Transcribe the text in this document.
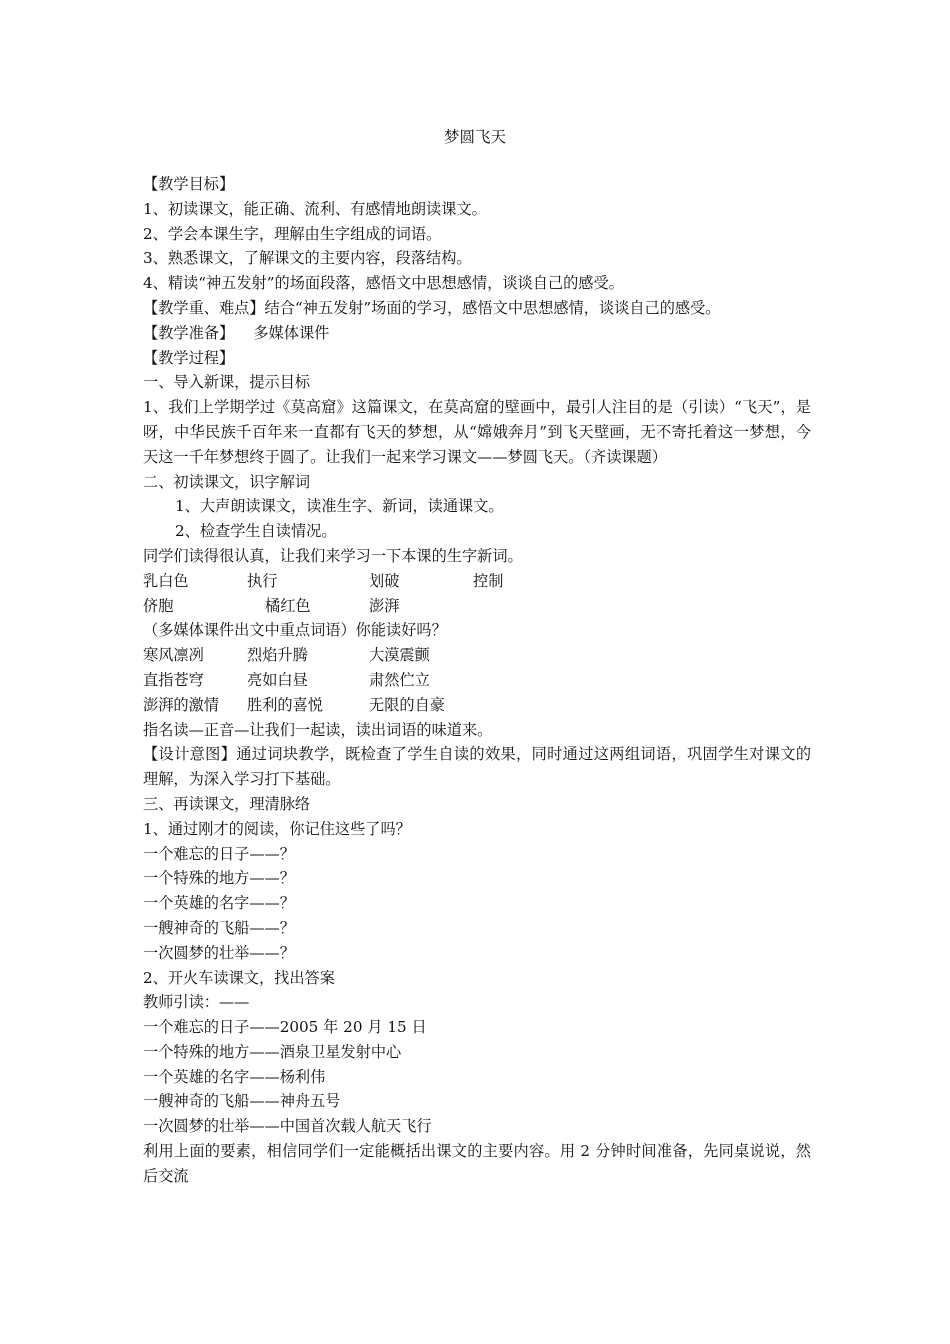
梦圆飞天

【教学目标】

1、初读课文，能正确、流利、有感情地朗读课文。

2、学会本课生字，理解由生字组成的词语。

3、熟悉课文，了解课文的主要内容，段落结构。

4、精读“神五发射”的场面段落，感悟文中思想感情，谈谈自己的感受。

【教学重、难点】结合“神五发射”场面的学习，感悟文中思想感情，谈谈自己的感受。

【教学准备】    多媒体课件

【教学过程】

一、导入新课，提示目标

1、我们上学期学过《莫高窟》这篇课文，在莫高窟的壁画中，最引人注目的是（引读）“飞天”，是呀，中华民族千百年来一直都有飞天的梦想，从“嫦娥奔月”到飞天壁画，无不寄托着这一梦想，今天这一千年梦想终于圆了。让我们一起来学习课文——梦圆飞天。（齐读课题）

二、初读课文，识字解词

1、大声朗读课文，读准生字、新词，读通课文。

2、检查学生自读情况。

同学们读得很认真，让我们来学习一下本课的生字新词。

乳白色	执行	划破	控制
侪胞	橘红色	澎湃

（多媒体课件出文中重点词语）你能读好吗？

寒风凛冽	烈焰升腾	大漠震颤
直指苍穹	亮如白昼	肃然伫立
澎湃的激情	胜利的喜悦	无限的自豪

指名读—正音—让我们一起读，读出词语的味道来。

【设计意图】通过词块教学，既检查了学生自读的效果，同时通过这两组词语，巩固学生对课文的理解，为深入学习打下基础。

三、再读课文，理清脉络

1、通过刚才的阅读，你记住这些了吗？

一个难忘的日子——？

一个特殊的地方——？

一个英雄的名字——？

一艘神奇的飞船——？

一次圆梦的壮举——？

2、开火车读课文，找出答案

教师引读：——

一个难忘的日子——2005 年 20 月 15 日

一个特殊的地方——酒泉卫星发射中心

一个英雄的名字——杨利伟

一艘神奇的飞船——神舟五号

一次圆梦的壮举——中国首次载人航天飞行

利用上面的要素，相信同学们一定能概括出课文的主要内容。用 2 分钟时间准备，先同桌说说，然后交流
